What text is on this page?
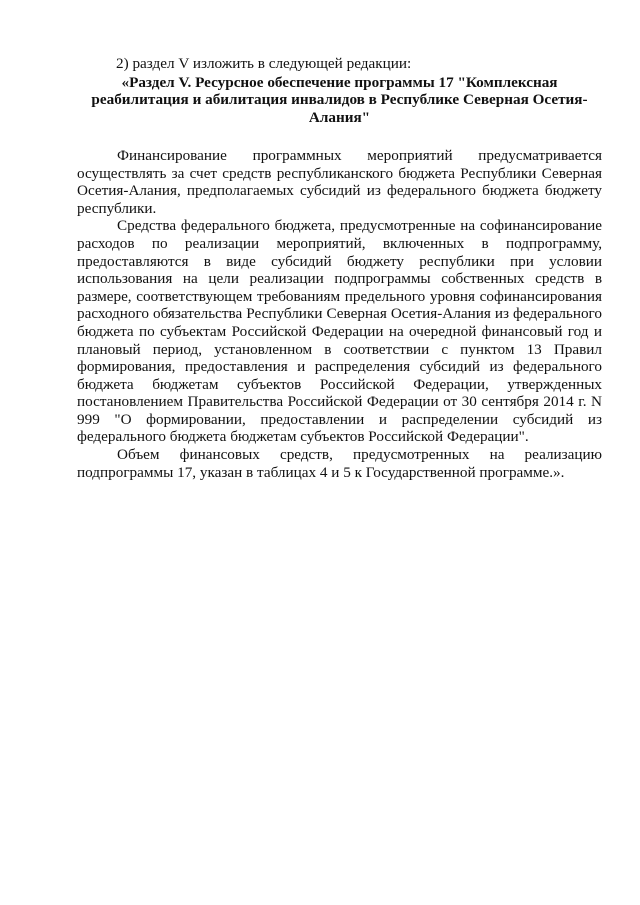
2) раздел V изложить в следующей редакции:

«Раздел V. Ресурсное обеспечение программы 17 "Комплексная реабилитация и абилитация инвалидов в Республике Северная Осетия-Алания"

Финансирование программных мероприятий предусматривается осуществлять за счет средств республиканского бюджета Республики Северная Осетия-Алания, предполагаемых субсидий из федерального бюджета бюджету республики.

Средства федерального бюджета, предусмотренные на софинансирование расходов по реализации мероприятий, включенных в подпрограмму, предоставляются в виде субсидий бюджету республики при условии использования на цели реализации подпрограммы собственных средств в размере, соответствующем требованиям предельного уровня софинансирования расходного обязательства Республики Северная Осетия-Алания из федерального бюджета по субъектам Российской Федерации на очередной финансовый год и плановый период, установленном в соответствии с пунктом 13 Правил формирования, предоставления и распределения субсидий из федерального бюджета бюджетам субъектов Российской Федерации, утвержденных постановлением Правительства Российской Федерации от 30 сентября 2014 г. N 999 "О формировании, предоставлении и распределении субсидий из федерального бюджета бюджетам субъектов Российской Федерации".

Объем финансовых средств, предусмотренных на реализацию подпрограммы 17, указан в таблицах 4 и 5 к Государственной программе.».
